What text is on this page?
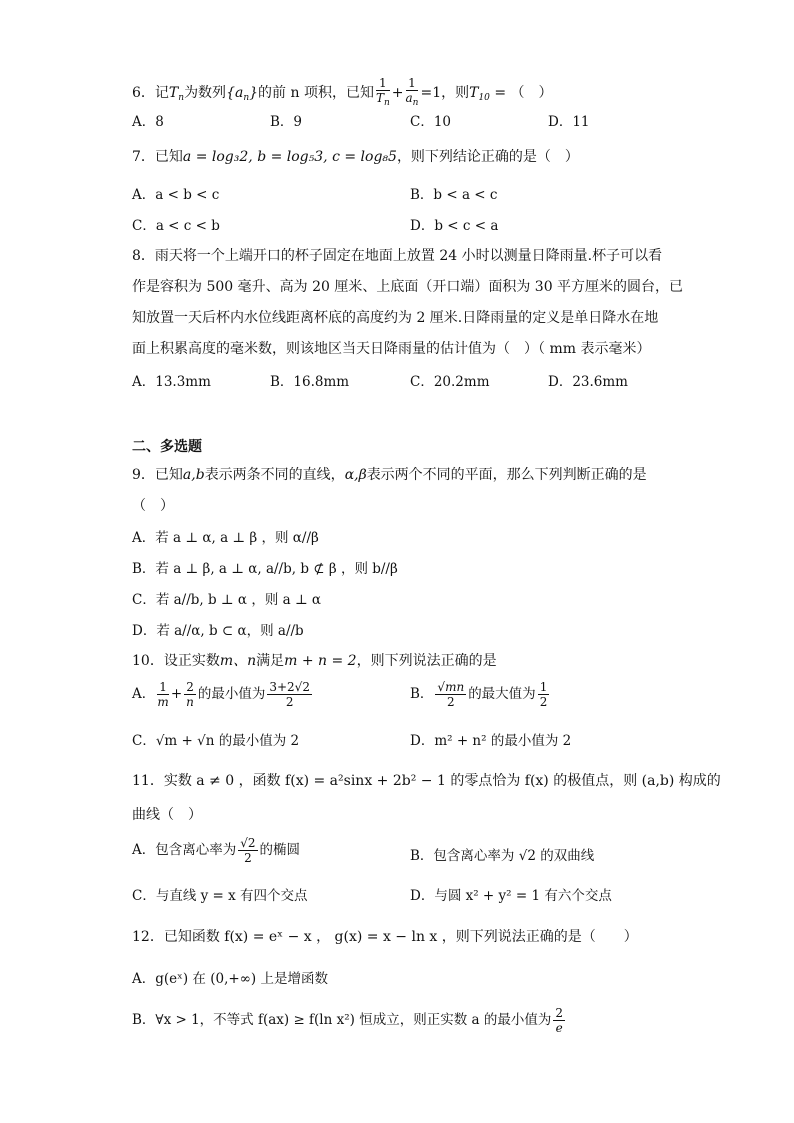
6．记$T_n$为数列$\{a_n\}$的前 n 项积，已知 $\frac{1}{T_n} + \frac{1}{a_n} =1$，则$T_{10}$ = （　）
A．8	B．9	C．10	D．11
7．已知a = log₃2, b = log₅3, c = log₈5，则下列结论正确的是（　）
A．a < b < c	B．b < a < c
C．a < c < b	D．b < c < a
8．雨天将一个上端开口的杯子固定在地面上放置 24 小时以测量日降雨量.杯子可以看
作是容积为 500 毫升、高为 20 厘米、上底面（开口端）面积为 30 平方厘米的圆台，已
知放置一天后杯内水位线距离杯底的高度约为 2 厘米.日降雨量的定义是单日降水在地
面上积累高度的毫米数，则该地区当天日降雨量的估计值为（　）（ mm 表示毫米）
A．13.3mm	B．16.8mm	C．20.2mm	D．23.6mm
二、多选题
9．已知a,b表示两条不同的直线，α,β表示两个不同的平面，那么下列判断正确的是
（　）
A．若 a ⊥ α, a ⊥ β ，则 α//β
B．若 a ⊥ β, a ⊥ α, a//b, b ⊄ β ，则 b//β
C．若 a//b, b ⊥ α ，则 a ⊥ α
D．若 a//α, b ⊂ α，则 a//b
10．设正实数m、n满足m + n = 2，则下列说法正确的是
A． $\frac{1}{m} + \frac{2}{n}$ 的最小值为 $\frac{3+2√2}{2}$	B． $\frac{√mn}{2}$ 的最大值为 $\frac{1}{2}$
C．√m + √n 的最小值为 2	D．m² + n² 的最小值为 2
11．实数 a ≠ 0 ，函数 f(x) = a²sinx + 2b² − 1 的零点恰为 f(x) 的极值点，则 (a,b) 构成的
曲线（　）
A．包含离心率为 $\frac{√2}{2}$ 的椭圆	B．包含离心率为 √2 的双曲线
C．与直线 y = x 有四个交点	D．与圆 x² + y² = 1 有六个交点
12．已知函数 f(x) = eˣ − x ， g(x) = x − ln x ，则下列说法正确的是（　　）
A．g(eˣ) 在 (0,+∞) 上是增函数
B．∀x > 1，不等式 f(ax) ≥ f(ln x²) 恒成立，则正实数 a 的最小值为 $\frac{2}{e}$
